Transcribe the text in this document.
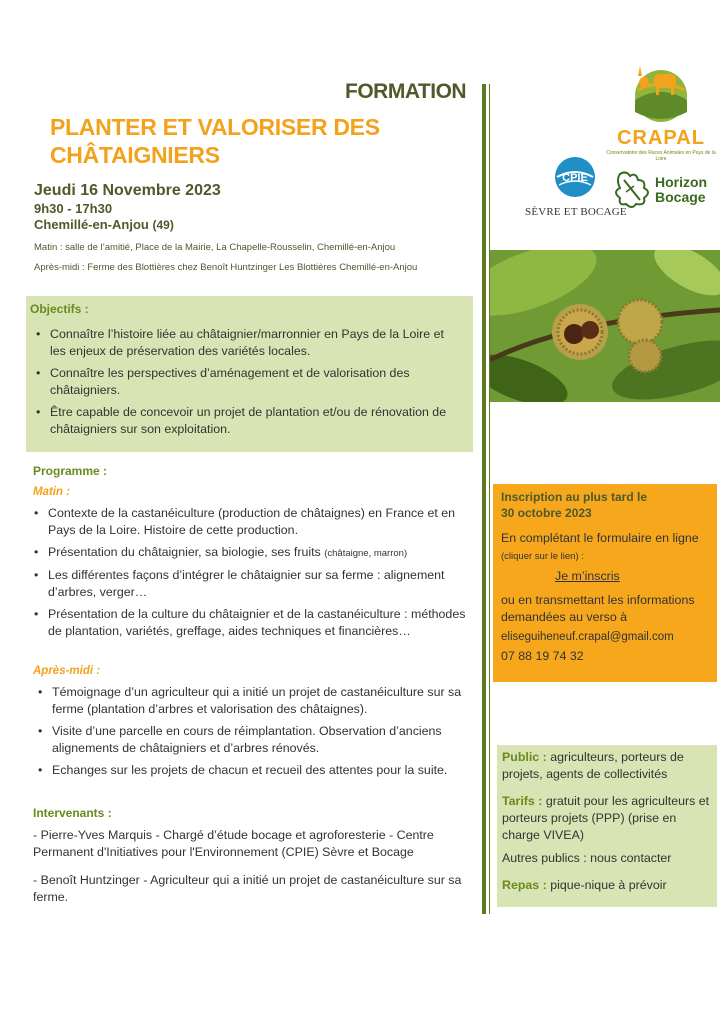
FORMATION
PLANTER ET VALORISER DES
CHÂTAIGNIERS
Jeudi 16 Novembre 2023
9h30 - 17h30
Chemillé-en-Anjou (49)
Matin : salle de l’amitié, Place de la Mairie, La Chapelle-Rousselin, Chemillé-en-Anjou
Après-midi : Ferme des Blottières chez Benoît Huntzinger Les Blottières Chemillé-en-Anjou
Objectifs :
• Connaître l’histoire liée au châtaignier/marronnier en Pays de la Loire et les enjeux de préservation des variétés locales.
• Connaître les perspectives d’aménagement et de valorisation des châtaigniers.
• Être capable de concevoir un projet de plantation et/ou de rénovation de châtaigniers sur son exploitation.
Programme :
Matin :
• Contexte de la castanéiculture (production de châtaignes) en France et en Pays de la Loire. Histoire de cette production.
• Présentation du châtaignier, sa biologie, ses fruits (châtaigne, marron)
• Les différentes façons d’intégrer le châtaignier sur sa ferme : alignement d’arbres, verger…
• Présentation de la culture du châtaignier et de la castanéiculture : méthodes de plantation, variétés, greffage, aides techniques et financières…
Après-midi :
• Témoignage d’un agriculteur qui a initié un projet de castanéiculture sur sa ferme (plantation d’arbres et valorisation des châtaignes).
• Visite d’une parcelle en cours de réimplantation. Observation d’anciens alignements de châtaigniers et d’arbres rénovés.
• Echanges sur les projets de chacun et recueil des attentes pour la suite.
Intervenants :
- Pierre-Yves Marquis - Chargé d’étude bocage et agroforesterie - Centre Permanent d'Initiatives pour l'Environnement (CPIE) Sèvre et Bocage
- Benoît Huntzinger - Agriculteur qui a initié un projet de castanéiculture sur sa ferme.
CRAPAL
Conservatoire des Races Animales en Pays de la Loire
CPIE
SÈVRE ET BOCAGE
Horizon
Bocage
Inscription au plus tard le
30 octobre 2023
En complétant le formulaire en ligne (cliquer sur le lien) :
Je m’inscris
ou en transmettant les informations demandées au verso à
eliseguiheneuf.crapal@gmail.com
07 88 19 74 32
Public : agriculteurs, porteurs de projets, agents de collectivités
Tarifs : gratuit pour les agriculteurs et porteurs projets (PPP) (prise en charge VIVEA)
Autres publics : nous contacter
Repas : pique-nique à prévoir
